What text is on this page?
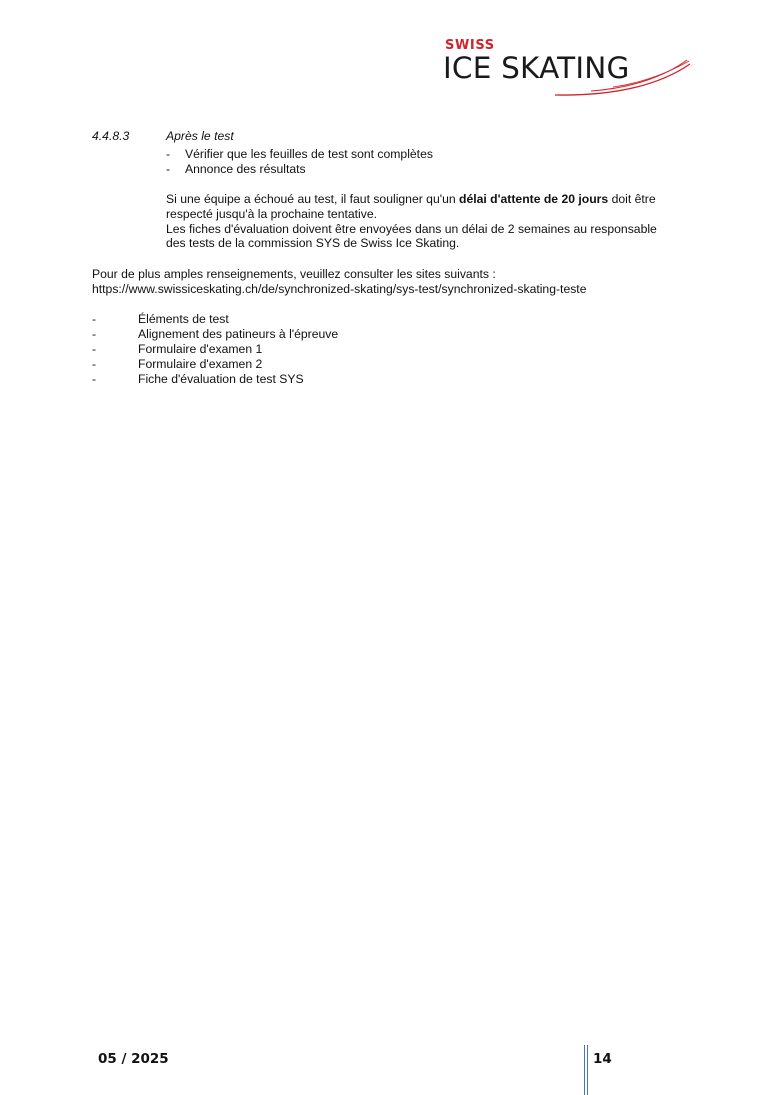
SWISS
ICE SKATING
4.4.8.3	Après le test
- Vérifier que les feuilles de test sont complètes
- Annonce des résultats
Si une équipe a échoué au test, il faut souligner qu'un délai d'attente de 20 jours doit être
respecté jusqu'à la prochaine tentative.
Les fiches d'évaluation doivent être envoyées dans un délai de 2 semaines au responsable
des tests de la commission SYS de Swiss Ice Skating.
Pour de plus amples renseignements, veuillez consulter les sites suivants :
https://www.swissiceskating.ch/de/synchronized-skating/sys-test/synchronized-skating-teste
-	Éléments de test
-	Alignement des patineurs à l'épreuve
-	Formulaire d'examen 1
-	Formulaire d'examen 2
-	Fiche d'évaluation de test SYS
05 / 2025	14
